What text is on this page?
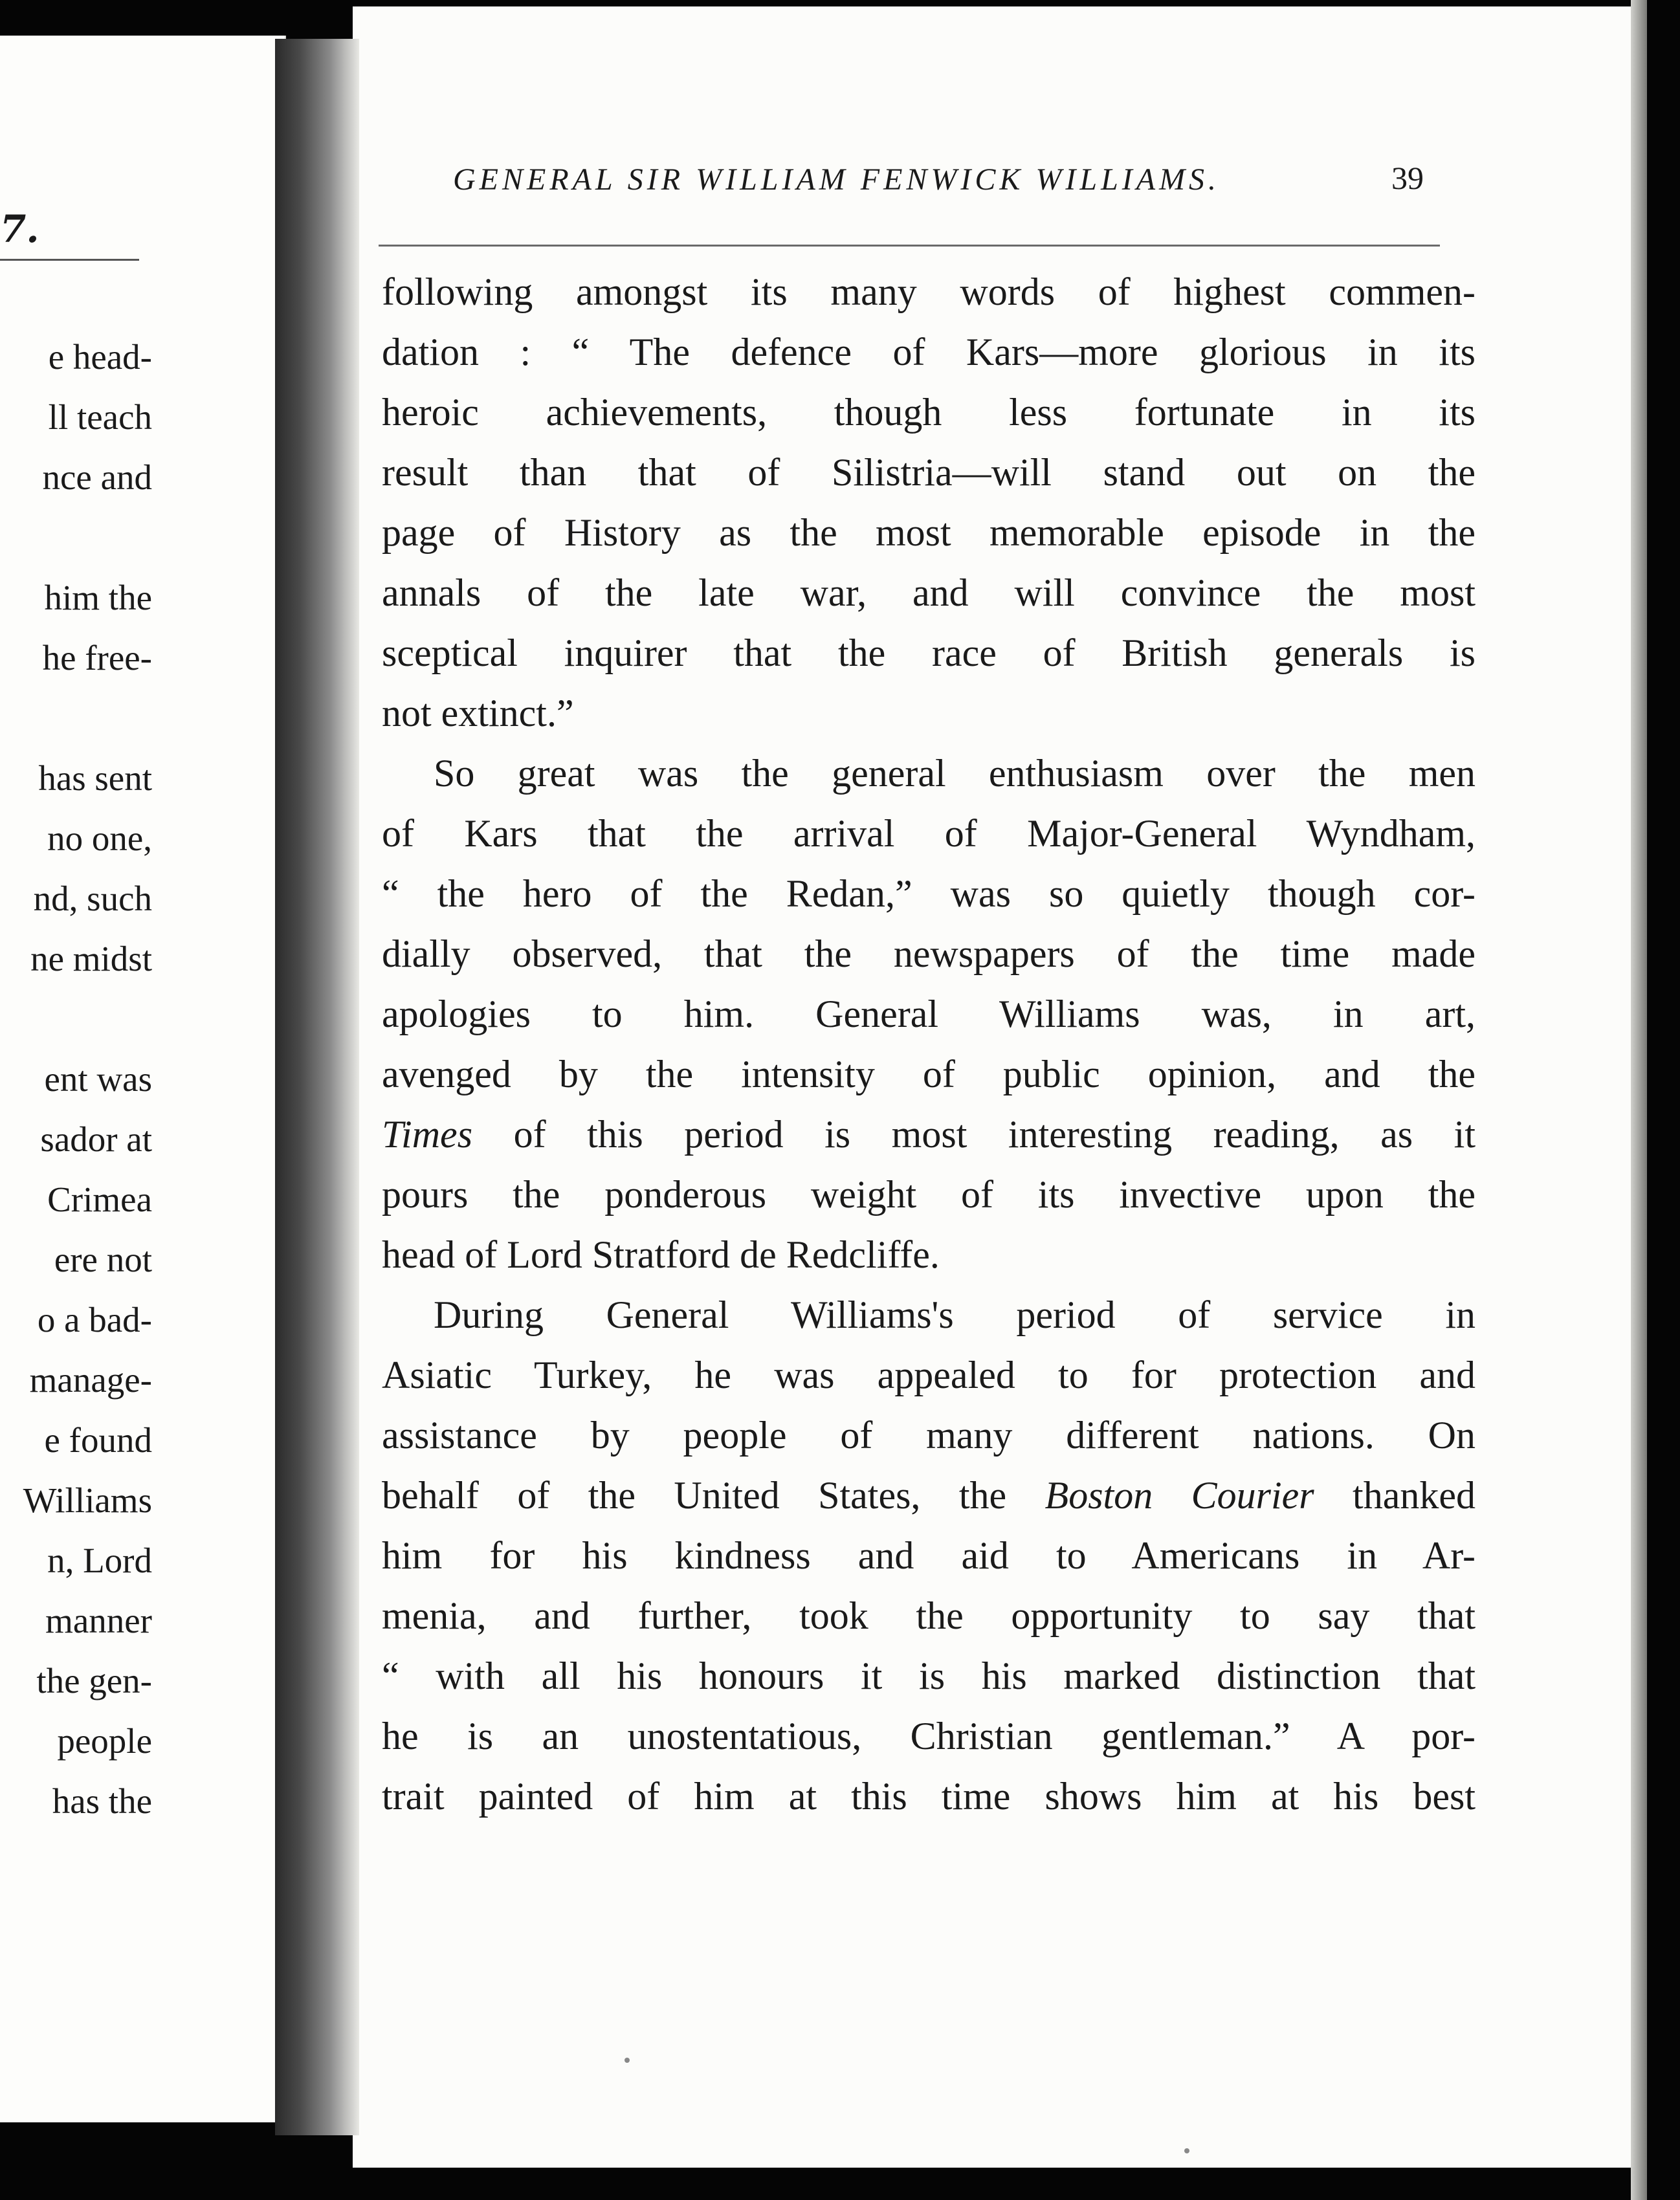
7.
e head-
ll teach
nce and

him the
he free-

has sent
no one,
nd, such
ne midst

ent was
sador at
Crimea
ere not
o a bad-
manage-
e found
Williams
n, Lord
manner
the gen-
people
has the
GENERAL SIR WILLIAM FENWICK WILLIAMS.	39

following amongst its many words of highest commen-
dation : “ The defence of Kars—more glorious in its
heroic achievements, though less fortunate in its
result than that of Silistria—will stand out on the
page of History as the most memorable episode in the
annals of the late war, and will convince the most
sceptical inquirer that the race of British generals is
not extinct.”

So great was the general enthusiasm over the men
of Kars that the arrival of Major-General Wyndham,
“ the hero of the Redan,” was so quietly though cor-
dially observed, that the newspapers of the time made
apologies to him. General Williams was, in art,
avenged by the intensity of public opinion, and the
Times of this period is most interesting reading, as it
pours the ponderous weight of its invective upon the
head of Lord Stratford de Redcliffe.

During General Williams's period of service in
Asiatic Turkey, he was appealed to for protection and
assistance by people of many different nations. On
behalf of the United States, the Boston Courier thanked
him for his kindness and aid to Americans in Ar-
menia, and further, took the opportunity to say that
“ with all his honours it is his marked distinction that
he is an unostentatious, Christian gentleman.” A por-
trait painted of him at this time shows him at his best
